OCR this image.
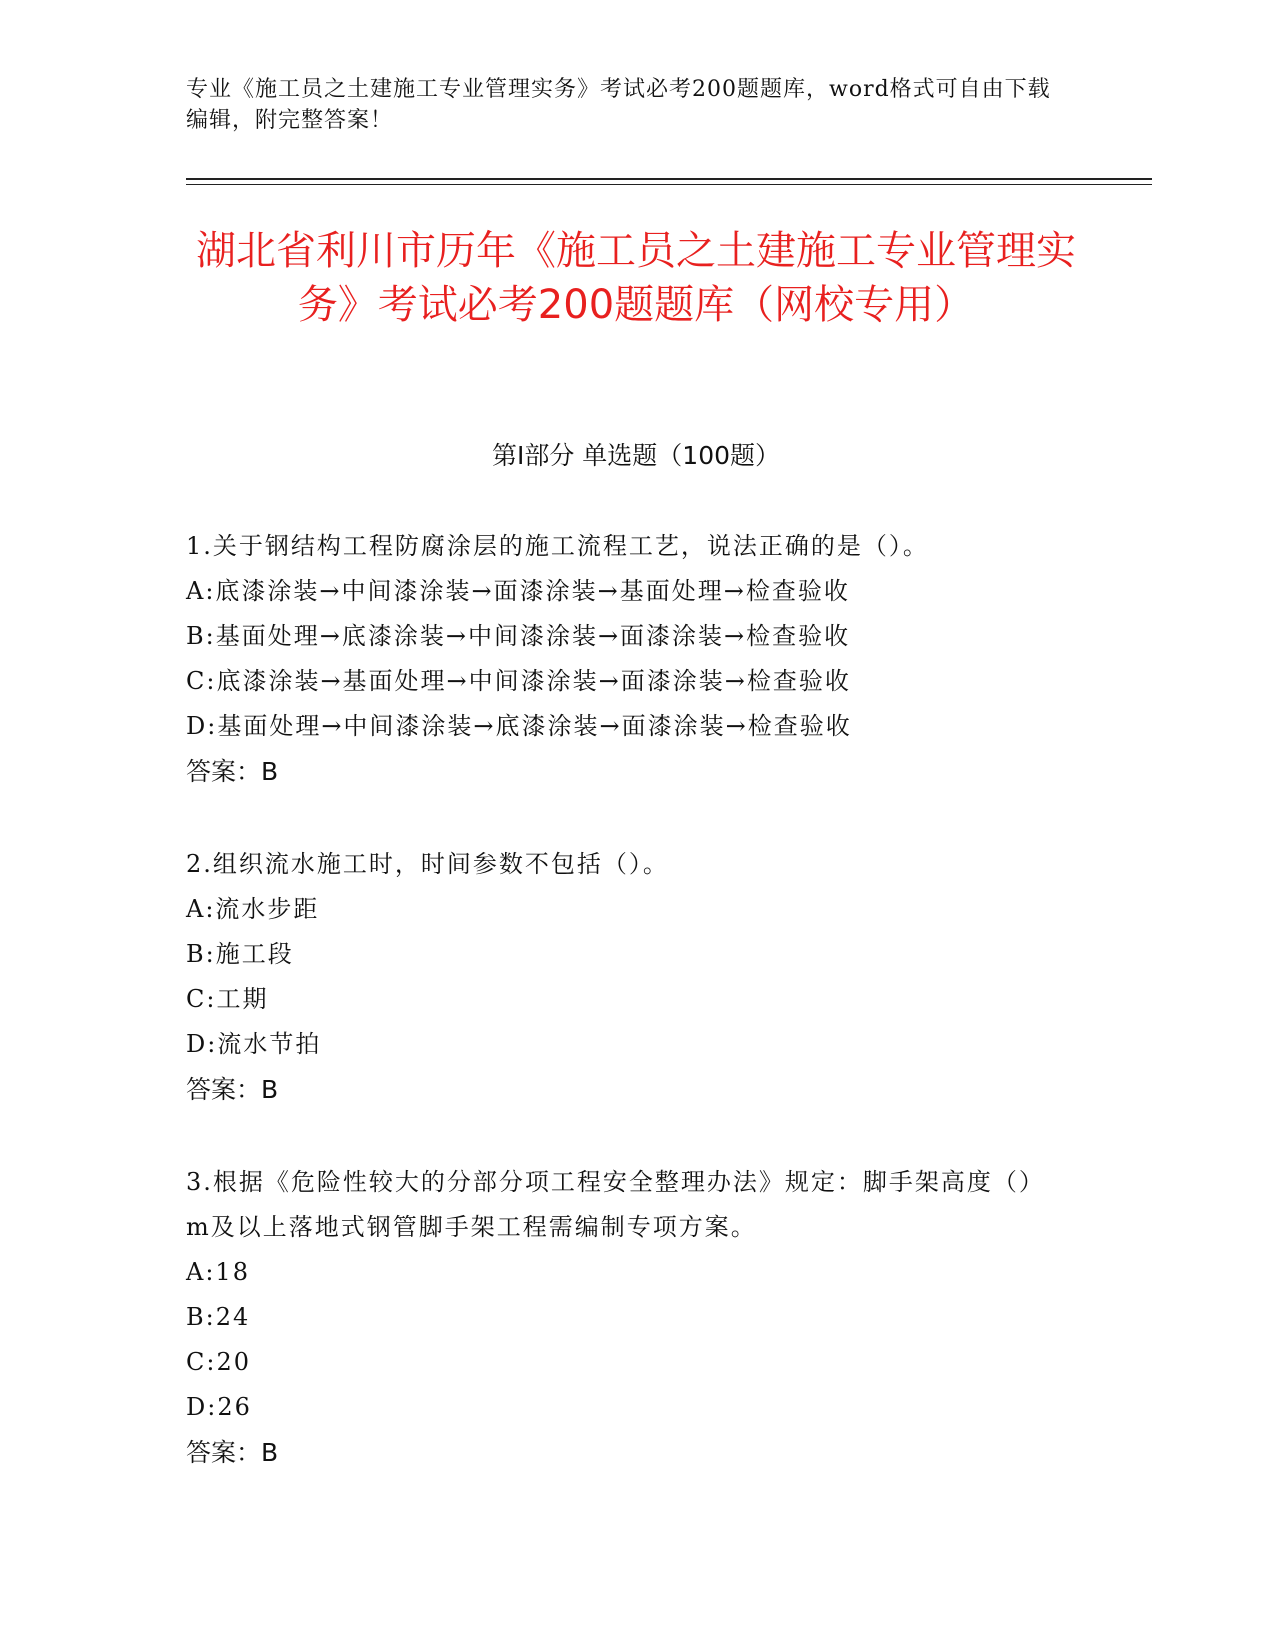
专业《施工员之土建施工专业管理实务》考试必考200题题库，word格式可自由下载编辑，附完整答案！
湖北省利川市历年《施工员之土建施工专业管理实务》考试必考200题题库（网校专用）
第Ⅰ部分 单选题（100题）

1.关于钢结构工程防腐涂层的施工流程工艺，说法正确的是（）。

A:底漆涂装→中间漆涂装→面漆涂装→基面处理→检查验收

B:基面处理→底漆涂装→中间漆涂装→面漆涂装→检查验收

C:底漆涂装→基面处理→中间漆涂装→面漆涂装→检查验收

D:基面处理→中间漆涂装→底漆涂装→面漆涂装→检查验收

答案：B

2.组织流水施工时，时间参数不包括（）。

A:流水步距

B:施工段

C:工期

D:流水节拍

答案：B

3.根据《危险性较大的分部分项工程安全整理办法》规定：脚手架高度（）m及以上落地式钢管脚手架工程需编制专项方案。

A:18

B:24

C:20

D:26

答案：B
